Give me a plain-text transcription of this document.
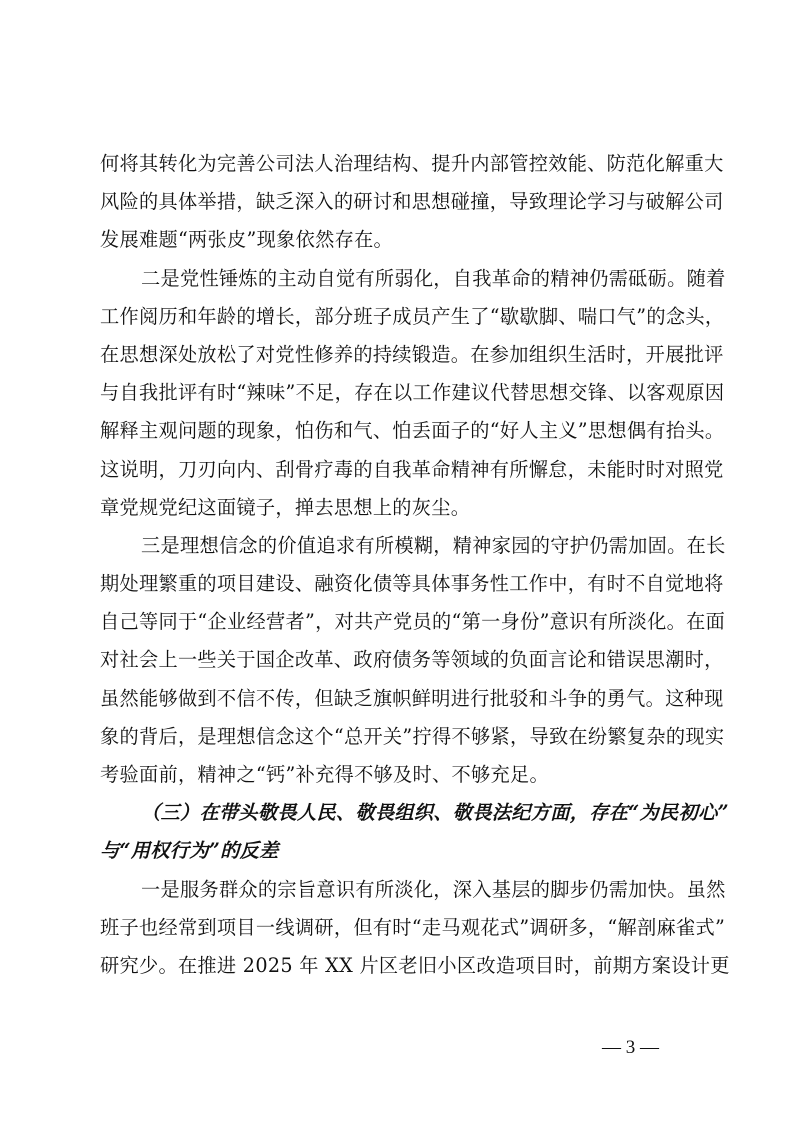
何将其转化为完善公司法人治理结构、提升内部管控效能、防范化解重大
风险的具体举措，缺乏深入的研讨和思想碰撞，导致理论学习与破解公司
发展难题“两张皮”现象依然存在。
二是党性锤炼的主动自觉有所弱化，自我革命的精神仍需砥砺。随着
工作阅历和年龄的增长，部分班子成员产生了“歇歇脚、喘口气”的念头，
在思想深处放松了对党性修养的持续锻造。在参加组织生活时，开展批评
与自我批评有时“辣味”不足，存在以工作建议代替思想交锋、以客观原因
解释主观问题的现象，怕伤和气、怕丢面子的“好人主义”思想偶有抬头。
这说明，刀刃向内、刮骨疗毒的自我革命精神有所懈怠，未能时时对照党
章党规党纪这面镜子，掸去思想上的灰尘。
三是理想信念的价值追求有所模糊，精神家园的守护仍需加固。在长
期处理繁重的项目建设、融资化债等具体事务性工作中，有时不自觉地将
自己等同于“企业经营者”，对共产党员的“第一身份”意识有所淡化。在面
对社会上一些关于国企改革、政府债务等领域的负面言论和错误思潮时，
虽然能够做到不信不传，但缺乏旗帜鲜明进行批驳和斗争的勇气。这种现
象的背后，是理想信念这个“总开关”拧得不够紧，导致在纷繁复杂的现实
考验面前，精神之“钙”补充得不够及时、不够充足。
（三）在带头敬畏人民、敬畏组织、敬畏法纪方面，存在“为民初心”
与“用权行为”的反差
一是服务群众的宗旨意识有所淡化，深入基层的脚步仍需加快。虽然
班子也经常到项目一线调研，但有时“走马观花式”调研多，“解剖麻雀式”
研究少。在推进 2025 年 XX 片区老旧小区改造项目时，前期方案设计更
— 3 —
